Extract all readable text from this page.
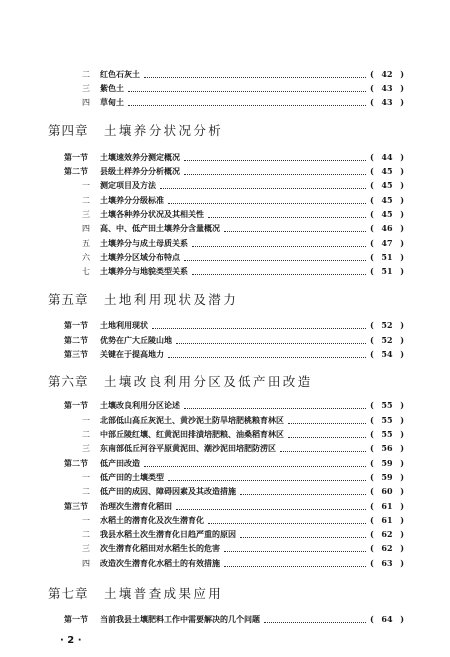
二 红色石灰土	( 42 )
三 紫色土	( 43 )
四 草甸土	( 43 )
第四章 土壤养分状况分析
第一节 土壤速效养分测定概况	( 44 )
第二节 县级土样养分分析概况	( 45 )
一 测定项目及方法	( 45 )
二 土壤养分分级标准	( 45 )
三 土壤各种养分状况及其相关性	( 45 )
四 高、中、低产田土壤养分含量概况	( 46 )
五 土壤养分与成土母质关系	( 47 )
六 土壤养分区域分布特点	( 51 )
七 土壤养分与地貌类型关系	( 51 )
第五章 土地利用现状及潜力
第一节 土地利用现状	( 52 )
第二节 优势在广大丘陵山地	( 52 )
第三节 关键在于提高地力	( 54 )
第六章 土壤改良利用分区及低产田改造
第一节 土壤改良利用分区论述	( 55 )
一 北部低山高丘灰泥土、黄沙泥土防旱培肥桃粮育林区	( 55 )
二 中部丘陵红壤、红黄泥田排渍培肥粮、油桑稻育林区	( 55 )
三 东南部低丘河谷平原黄泥田、潮沙泥田培肥防涝区	( 56 )
第二节 低产田改造	( 59 )
一 低产田的土壤类型	( 59 )
二 低产田的成因、障碍因素及其改造措施	( 60 )
第三节 治理次生潜育化稻田	( 61 )
一 水稻土的潜育化及次生潜育化	( 61 )
二 我县水稻土次生潜育化日趋严重的原因	( 62 )
三 次生潜育化稻田对水稻生长的危害	( 62 )
四 改造次生潜育化水稻土的有效措施	( 63 )
第七章 土壤普查成果应用
第一节 当前我县土壤肥料工作中需要解决的几个问题	( 64 )
· 2 ·
